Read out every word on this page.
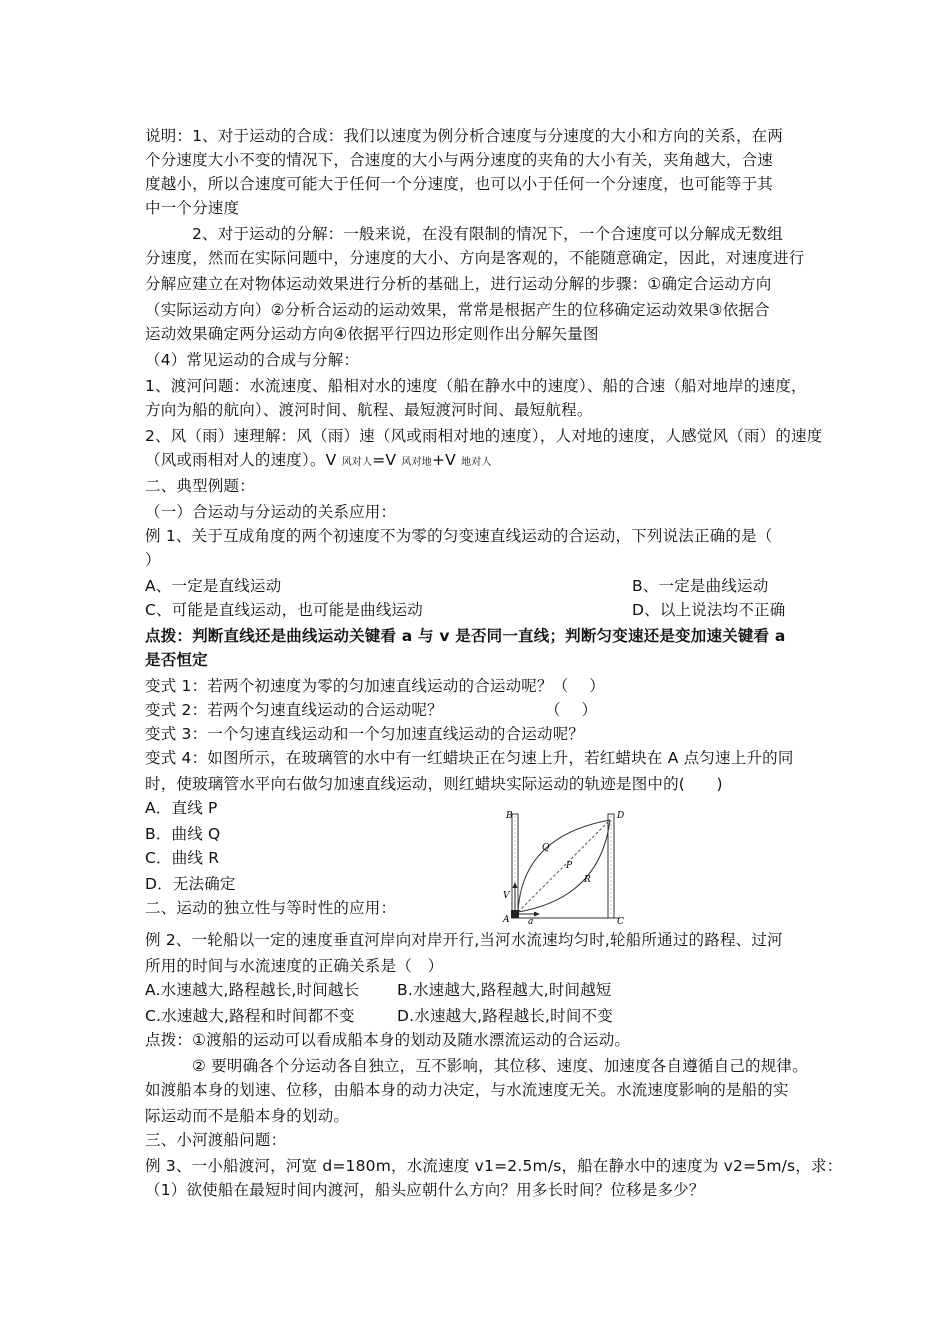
说明：1、对于运动的合成：我们以速度为例分析合速度与分速度的大小和方向的关系，在两
个分速度大小不变的情况下，合速度的大小与两分速度的夹角的大小有关，夹角越大，合速
度越小，所以合速度可能大于任何一个分速度，也可以小于任何一个分速度，也可能等于其
中一个分速度
2、对于运动的分解：一般来说，在没有限制的情况下，一个合速度可以分解成无数组
分速度，然而在实际问题中，分速度的大小、方向是客观的，不能随意确定，因此，对速度进行
分解应建立在对物体运动效果进行分析的基础上，进行运动分解的步骤：①确定合运动方向
（实际运动方向）②分析合运动的运动效果，常常是根据产生的位移确定运动效果③依据合
运动效果确定两分运动方向④依据平行四边形定则作出分解矢量图
（4）常见运动的合成与分解：
1、渡河问题：水流速度、船相对水的速度（船在静水中的速度）、船的合速（船对地岸的速度，
方向为船的航向）、渡河时间、航程、最短渡河时间、最短航程。
2、风（雨）速理解：风（雨）速（风或雨相对地的速度），人对地的速度，人感觉风（雨）的速度
（风或雨相对人的速度）。V 风对人=V 风对地+V 地对人
二、典型例题：
（一）合运动与分运动的关系应用：
例 1、关于互成角度的两个初速度不为零的匀变速直线运动的合运动，下列说法正确的是（
）
A、一定是直线运动	B、一定是曲线运动
C、可能是直线运动，也可能是曲线运动	D、以上说法均不正确
点拨：判断直线还是曲线运动关键看 a 与 v 是否同一直线；判断匀变速还是变加速关键看 a
是否恒定
变式 1：若两个初速度为零的匀加速直线运动的合运动呢？（　 ）
变式 2：若两个匀速直线运动的合运动呢？　　　　　　　（　 ）
变式 3：一个匀速直线运动和一个匀加速直线运动的合运动呢？
变式 4：如图所示，在玻璃管的水中有一红蜡块正在匀速上升，若红蜡块在 A 点匀速上升的同
时，使玻璃管水平向右做匀加速直线运动，则红蜡块实际运动的轨迹是图中的(　　)
A．直线 P
B．曲线 Q
C．曲线 R
D．无法确定
二、运动的独立性与等时性的应用：
B	D
Q
P
R
V
A a	C
例 2、一轮船以一定的速度垂直河岸向对岸开行,当河水流速均匀时,轮船所通过的路程、过河
所用的时间与水流速度的正确关系是（　）
A.水速越大,路程越长,时间越长 B.水速越大,路程越大,时间越短
C.水速越大,路程和时间都不变	D.水速越大,路程越长,时间不变
点拨：①渡船的运动可以看成船本身的划动及随水漂流运动的合运动。
② 要明确各个分运动各自独立，互不影响，其位移、速度、加速度各自遵循自己的规律。
如渡船本身的划速、位移，由船本身的动力决定，与水流速度无关。水流速度影响的是船的实
际运动而不是船本身的划动。
三、小河渡船问题：
例 3、一小船渡河，河宽 d=180m，水流速度 v1=2.5m/s，船在静水中的速度为 v2=5m/s，求：
（1）欲使船在最短时间内渡河，船头应朝什么方向？用多长时间？位移是多少？
